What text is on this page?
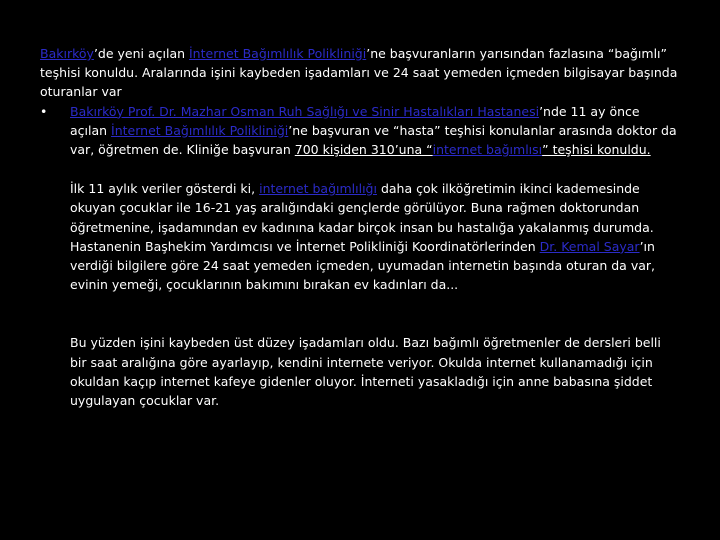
Bakırköy’de yeni açılan İnternet Bağımlılık Polikliniği’ne başvuranların yarısından fazlasına “bağımlı” teşhisi konuldu. Aralarında işini kaybeden işadamları ve 24 saat yemeden içmeden bilgisayar başında oturanlar var

• Bakırköy Prof. Dr. Mazhar Osman Ruh Sağlığı ve Sinir Hastalıkları Hastanesi’nde 11 ay önce açılan İnternet Bağımlılık Polikliniği’ne başvuran ve “hasta” teşhisi konulanlar arasında doktor da var, öğretmen de. Kliniğe başvuran 700 kişiden 310’una “internet bağımlısı” teşhisi konuldu.

İlk 11 aylık veriler gösterdi ki, internet bağımlılığı daha çok ilköğretimin ikinci kademesinde okuyan çocuklar ile 16-21 yaş aralığındaki gençlerde görülüyor. Buna rağmen doktorundan öğretmenine, işadamından ev kadınına kadar birçok insan bu hastalığa yakalanmış durumda. Hastanenin Başhekim Yardımcısı ve İnternet Polikliniği Koordinatörlerinden Dr. Kemal Sayar’ın verdiği bilgilere göre 24 saat yemeden içmeden, uyumadan internetin başında oturan da var, evinin yemeği, çocuklarının bakımını bırakan ev kadınları da...

Bu yüzden işini kaybeden üst düzey işadamları oldu. Bazı bağımlı öğretmenler de dersleri belli bir saat aralığına göre ayarlayıp, kendini internete veriyor. Okulda internet kullanamadığı için okuldan kaçıp internet kafeye gidenler oluyor. İnterneti yasakladığı için anne babasına şiddet uygulayan çocuklar var.
